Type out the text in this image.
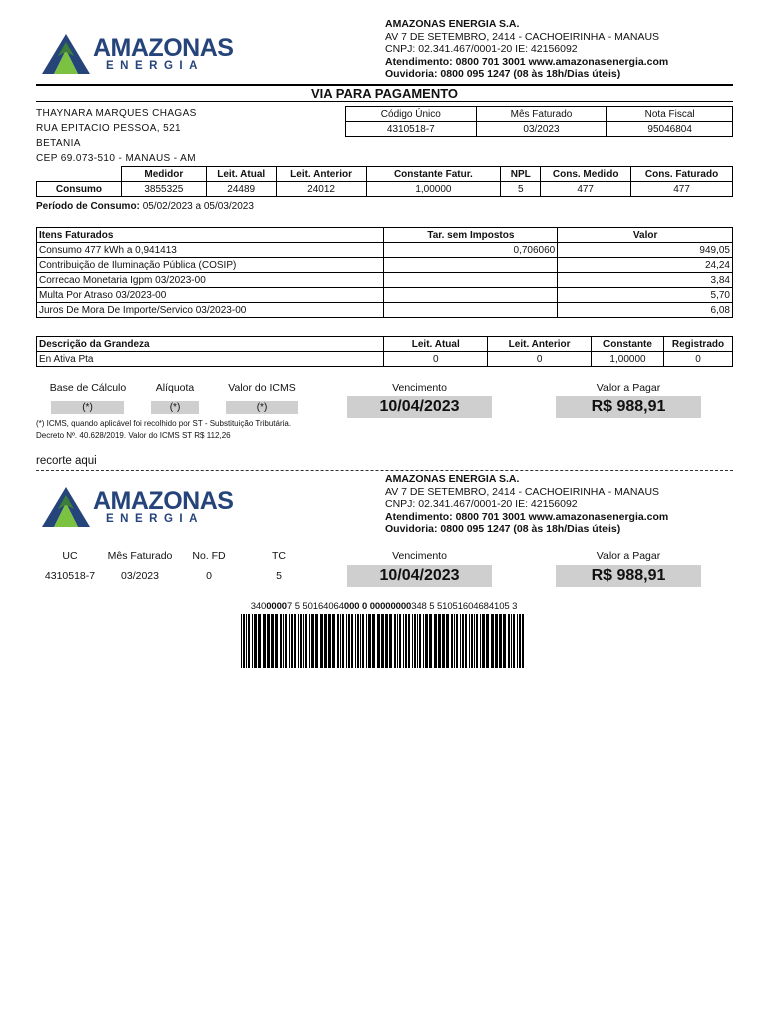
AMAZONAS
ENERGIA
AMAZONAS ENERGIA S.A.
AV 7 DE SETEMBRO, 2414 - CACHOEIRINHA - MANAUS
CNPJ: 02.341.467/0001-20 IE: 42156092
Atendimento: 0800 701 3001 www.amazonasenergia.com
Ouvidoria: 0800 095 1247 (08 às 18h/Dias úteis)
VIA PARA PAGAMENTO
THAYNARA MARQUES CHAGAS
RUA EPITACIO PESSOA, 521
BETANIA
CEP 69.073-510 - MANAUS - AM
Código Único	Mês Faturado	Nota Fiscal
4310518-7	03/2023	95046804
	Medidor	Leit. Atual	Leit. Anterior	Constante Fatur.	NPL	Cons. Medido	Cons. Faturado
Consumo	3855325	24489	24012	1,00000	5	477	477
Período de Consumo: 05/02/2023 a 05/03/2023
Itens Faturados	Tar. sem Impostos	Valor
Consumo 477 kWh a 0,941413	0,706060	949,05
Contribuição de Iluminação Pública (COSIP)		24,24
Correcao Monetaria Igpm 03/2023-00		3,84
Multa Por Atraso 03/2023-00		5,70
Juros De Mora De Importe/Servico 03/2023-00		6,08
Descrição da Grandeza	Leit. Atual	Leit. Anterior	Constante	Registrado
En Ativa Pta	0	0	1,00000	0
Base de Cálculo	Alíquota	Valor do ICMS
(*)	(*)	(*)
(*) ICMS, quando aplicável foi recolhido por ST - Substituição Tributária.
Decreto Nº. 40.628/2019. Valor do ICMS ST R$ 112,26
Vencimento
10/04/2023
Valor a Pagar
R$ 988,91
recorte aqui
AMAZONAS
ENERGIA
AMAZONAS ENERGIA S.A.
AV 7 DE SETEMBRO, 2414 - CACHOEIRINHA - MANAUS
CNPJ: 02.341.467/0001-20 IE: 42156092
Atendimento: 0800 701 3001 www.amazonasenergia.com
Ouvidoria: 0800 095 1247 (08 às 18h/Dias úteis)
UC	Mês Faturado	No. FD	TC
4310518-7	03/2023	0	5
Vencimento
10/04/2023
Valor a Pagar
R$ 988,91
34000007 5 50164064000 0 00000000348 5 51051604684105 3
